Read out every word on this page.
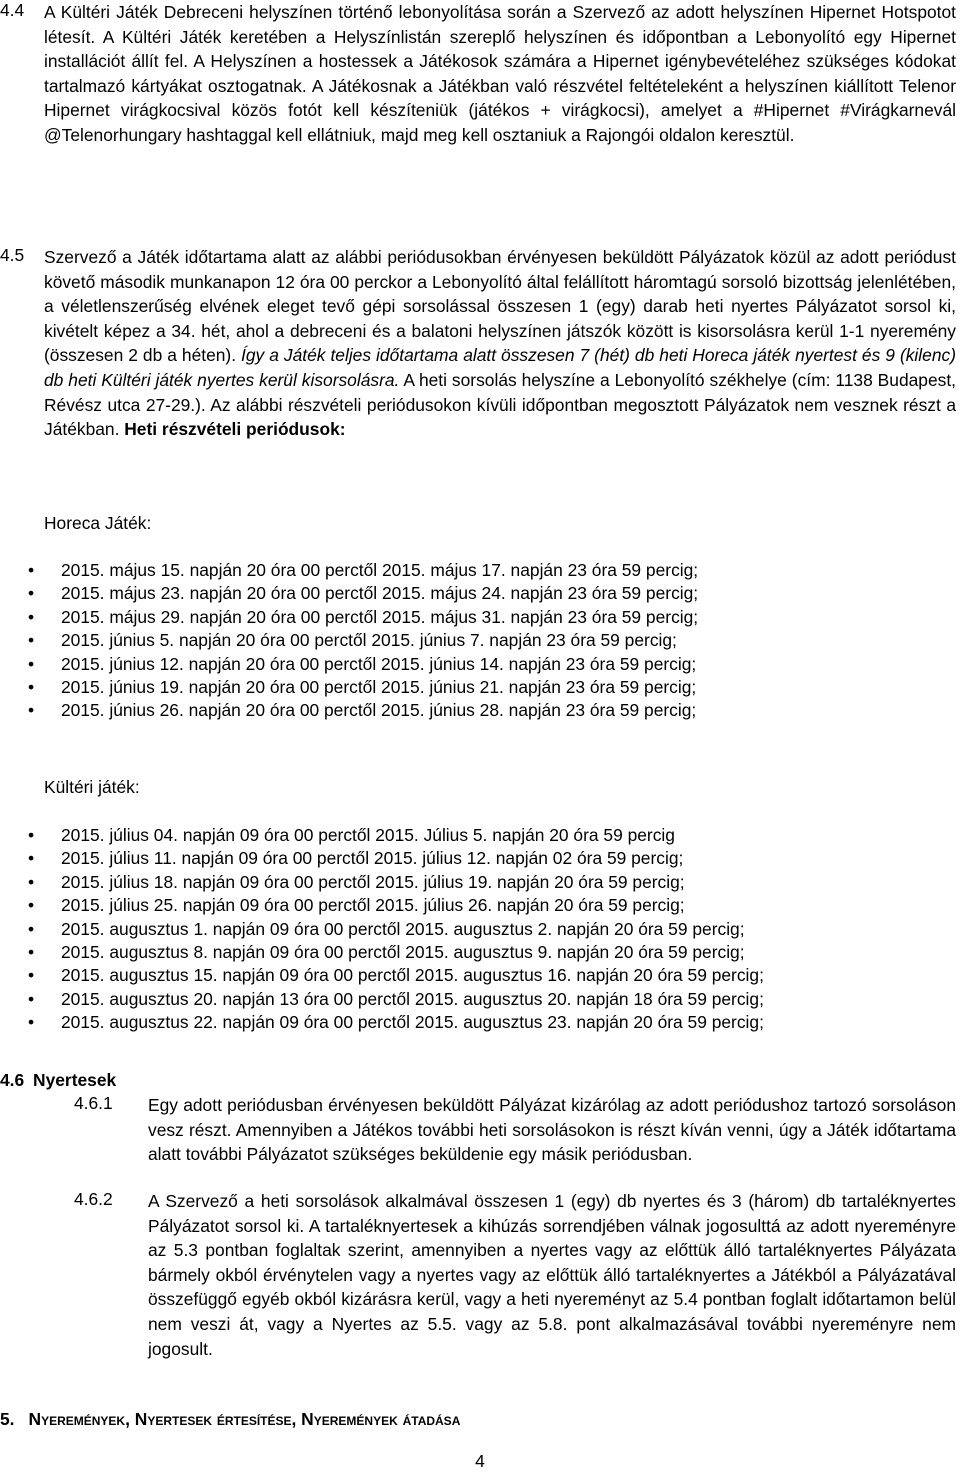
4.4 A Kültéri Játék Debreceni helyszínen történő lebonyolítása során a Szervező az adott helyszínen Hipernet Hotspotot létesít. A Kültéri Játék keretében a Helyszínlistán szereplő helyszínen és időpontban a Lebonyolító egy Hipernet installációt állít fel. A Helyszínen a hostessek a Játékosok számára a Hipernet igénybevételéhez szükséges kódokat tartalmazó kártyákat osztogatnak. A Játékosnak a Játékban való részvétel feltételeként a helyszínen kiállított Telenor Hipernet virágkocsival közös fotót kell készíteniük (játékos + virágkocsi), amelyet a #Hipernet #Virágkarnevál @Telenorhungary hashtaggal kell ellátniuk, majd meg kell osztaniuk a Rajongói oldalon keresztül.

4.5 Szervező a Játék időtartama alatt az alábbi periódusokban érvényesen beküldött Pályázatok közül az adott periódust követő második munkanapon 12 óra 00 perckor a Lebonyolító által felállított háromtagú sorsoló bizottság jelenlétében, a véletlenszerűség elvének eleget tevő gépi sorsolással összesen 1 (egy) darab heti nyertes Pályázatot sorsol ki, kivételt képez a 34. hét, ahol a debreceni és a balatoni helyszínen játszók között is kisorsolásra kerül 1-1 nyeremény (összesen 2 db a héten). Így a Játék teljes időtartama alatt összesen 7 (hét) db heti Horeca játék nyertest és 9 (kilenc) db heti Kültéri játék nyertes kerül kisorsolásra. A heti sorsolás helyszíne a Lebonyolító székhelye (cím: 1138 Budapest, Révész utca 27-29.). Az alábbi részvételi periódusokon kívüli időpontban megosztott Pályázatok nem vesznek részt a Játékban. Heti részvételi periódusok:

Horeca Játék:
• 2015. május 15. napján 20 óra 00 perctől 2015. május 17. napján 23 óra 59 percig;
• 2015. május 23. napján 20 óra 00 perctől 2015. május 24. napján 23 óra 59 percig;
• 2015. május 29. napján 20 óra 00 perctől 2015. május 31. napján 23 óra 59 percig;
• 2015. június 5. napján 20 óra 00 perctől 2015. június 7. napján 23 óra 59 percig;
• 2015. június 12. napján 20 óra 00 perctől 2015. június 14. napján 23 óra 59 percig;
• 2015. június 19. napján 20 óra 00 perctől 2015. június 21. napján 23 óra 59 percig;
• 2015. június 26. napján 20 óra 00 perctől 2015. június 28. napján 23 óra 59 percig;
Kültéri játék:
• 2015. július 04. napján 09 óra 00 perctől 2015. Július 5. napján 20 óra 59 percig
• 2015. július 11. napján 09 óra 00 perctől 2015. július 12. napján 02 óra 59 percig;
• 2015. július 18. napján 09 óra 00 perctől 2015. július 19. napján 20 óra 59 percig;
• 2015. július 25. napján 09 óra 00 perctől 2015. július 26. napján 20 óra 59 percig;
• 2015. augusztus 1. napján 09 óra 00 perctől 2015. augusztus 2. napján 20 óra 59 percig;
• 2015. augusztus 8. napján 09 óra 00 perctől 2015. augusztus 9. napján 20 óra 59 percig;
• 2015. augusztus 15. napján 09 óra 00 perctől 2015. augusztus 16. napján 20 óra 59 percig;
• 2015. augusztus 20. napján 13 óra 00 perctől 2015. augusztus 20. napján 18 óra 59 percig;
• 2015. augusztus 22. napján 09 óra 00 perctől 2015. augusztus 23. napján 20 óra 59 percig;
4.6 Nyertesek
4.6.1 Egy adott periódusban érvényesen beküldött Pályázat kizárólag az adott periódushoz tartozó sorsoláson vesz részt. Amennyiben a Játékos további heti sorsolásokon is részt kíván venni, úgy a Játék időtartama alatt további Pályázatot szükséges beküldenie egy másik periódusban.

4.6.2 A Szervező a heti sorsolások alkalmával összesen 1 (egy) db nyertes és 3 (három) db tartaléknyertes Pályázatot sorsol ki. A tartaléknyertesek a kihúzás sorrendjében válnak jogosulttá az adott nyereményre az 5.3 pontban foglaltak szerint, amennyiben a nyertes vagy az előttük álló tartaléknyertes Pályázata bármely okból érvénytelen vagy a nyertes vagy az előttük álló tartaléknyertes a Játékból a Pályázatával összefüggő egyéb okból kizárásra kerül, vagy a heti nyereményt az 5.4 pontban foglalt időtartamon belül nem veszi át, vagy a Nyertes az 5.5. vagy az 5.8. pont alkalmazásával további nyereményre nem jogosult.

5. Nyeremények, Nyertesek értesítése, Nyeremények átadása
4
